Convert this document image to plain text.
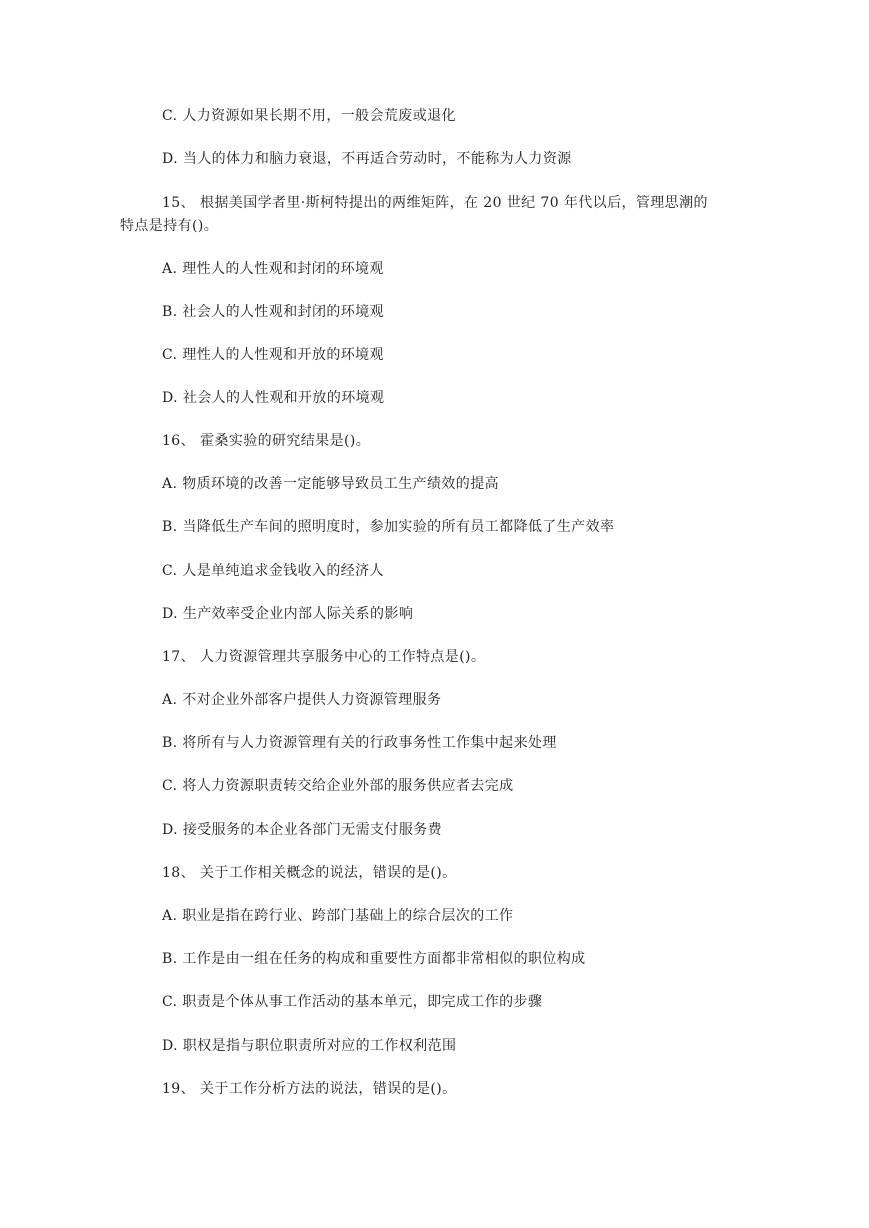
C. 人力资源如果长期不用，一般会荒废或退化
D. 当人的体力和脑力衰退，不再适合劳动时，不能称为人力资源
15、 根据美国学者里·斯柯特提出的两维矩阵，在 20 世纪 70 年代以后，管理思潮的
特点是持有()。
A. 理性人的人性观和封闭的环境观
B. 社会人的人性观和封闭的环境观
C. 理性人的人性观和开放的环境观
D. 社会人的人性观和开放的环境观
16、 霍桑实验的研究结果是()。
A. 物质环境的改善一定能够导致员工生产绩效的提高
B. 当降低生产车间的照明度时，参加实验的所有员工都降低了生产效率
C. 人是单纯追求金钱收入的经济人
D. 生产效率受企业内部人际关系的影响
17、 人力资源管理共享服务中心的工作特点是()。
A. 不对企业外部客户提供人力资源管理服务
B. 将所有与人力资源管理有关的行政事务性工作集中起来处理
C. 将人力资源职责转交给企业外部的服务供应者去完成
D. 接受服务的本企业各部门无需支付服务费
18、 关于工作相关概念的说法，错误的是()。
A. 职业是指在跨行业、跨部门基础上的综合层次的工作
B. 工作是由一组在任务的构成和重要性方面都非常相似的职位构成
C. 职责是个体从事工作活动的基本单元，即完成工作的步骤
D. 职权是指与职位职责所对应的工作权利范围
19、 关于工作分析方法的说法，错误的是()。
